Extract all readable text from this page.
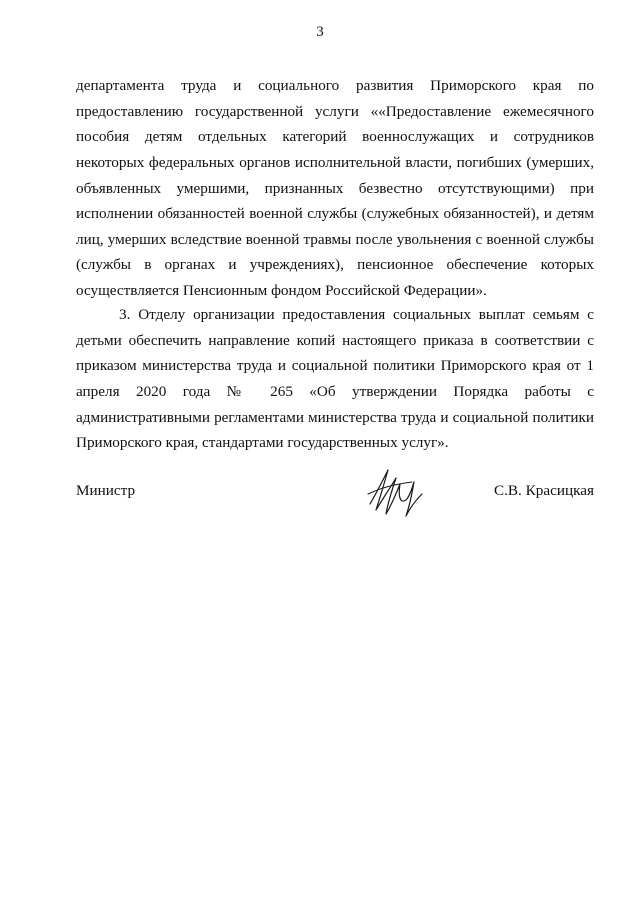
3

департамента труда и социального развития Приморского края по предоставлению государственной услуги ««Предоставление ежемесячного пособия детям отдельных категорий военнослужащих и сотрудников некоторых федеральных органов исполнительной власти, погибших (умерших, объявленных умершими, признанных безвестно отсутствующими) при исполнении обязанностей военной службы (служебных обязанностей), и детям лиц, умерших вследствие военной травмы после увольнения с военной службы (службы в органах и учреждениях), пенсионное обеспечение которых осуществляется Пенсионным фондом Российской Федерации».

3. Отделу организации предоставления социальных выплат семьям с детьми обеспечить направление копий настоящего приказа в соответствии с приказом министерства труда и социальной политики Приморского края от 1 апреля 2020 года № 265 «Об утверждении Порядка работы с административными регламентами министерства труда и социальной политики Приморского края, стандартами государственных услуг».

Министр	С.В. Красицкая
